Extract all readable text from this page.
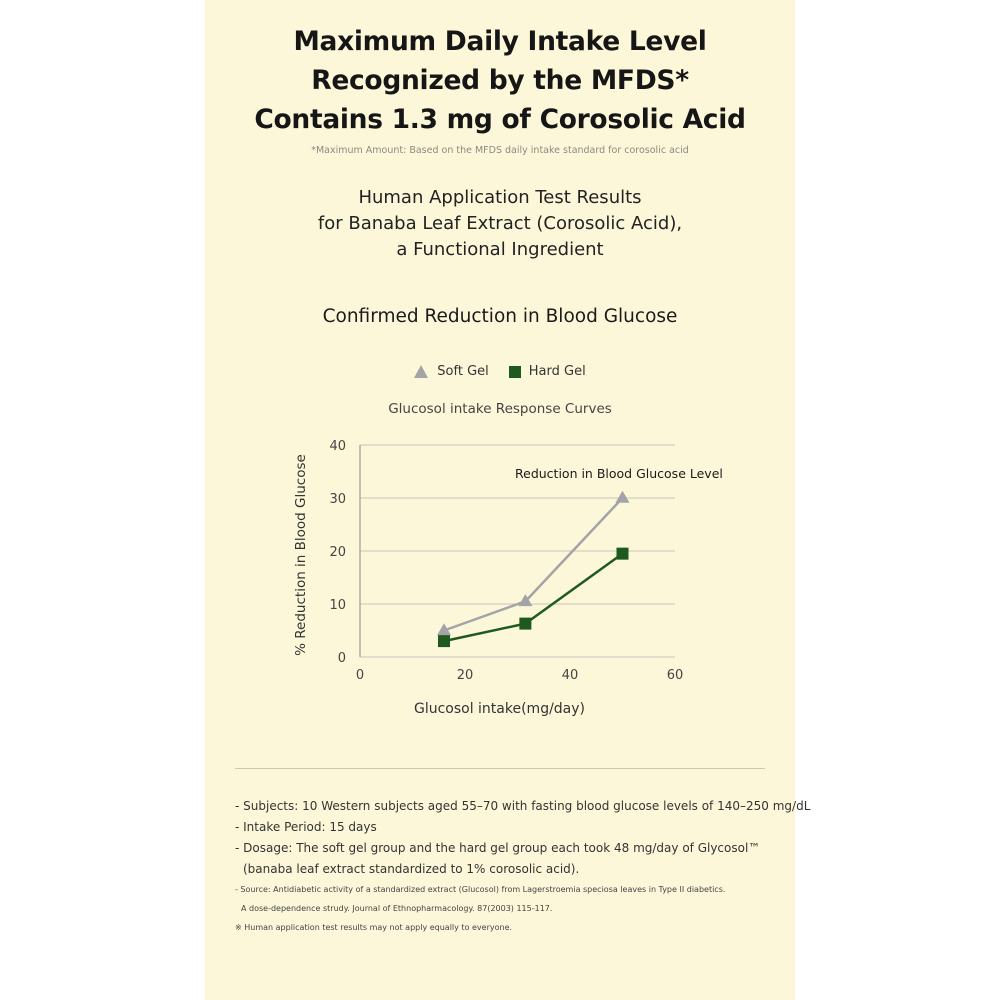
Maximum Daily Intake Level
Recognized by the MFDS*
Contains 1.3 mg of Corosolic Acid
*Maximum Amount: Based on the MFDS daily intake standard for corosolic acid
Human Application Test Results
for Banaba Leaf Extract (Corosolic Acid),
a Functional Ingredient
Confirmed Reduction in Blood Glucose
Soft Gel	Hard Gel
Glucosol intake Response Curves
0
10
20
30
40
0	20	40	60
Glucosol intake(mg/day)
% Reduction in Blood Glucose	Reduction in Blood Glucose Level
- Subjects: 10 Western subjects aged 55–70 with fasting blood glucose levels of 140–250 mg/dL
- Intake Period: 15 days
- Dosage: The soft gel group and the hard gel group each took 48 mg/day of Glycosol™
(banaba leaf extract standardized to 1% corosolic acid).
- Source: Antidiabetic activity of a standardized extract (Glucosol) from Lagerstroemia speciosa leaves in Type II diabetics.
A dose-dependence strudy. Journal of Ethnopharmacology. 87(2003) 115-117.
※ Human application test results may not apply equally to everyone.
